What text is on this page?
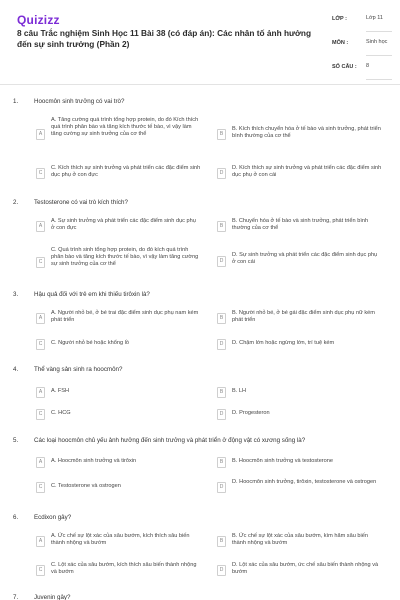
Quizizz
8 câu Trắc nghiệm Sinh Học 11 Bài 38 (có đáp án): Các nhân tố ảnh hưởng đến sự sinh trưởng (Phần 2)
LỚP :	Lớp 11
MÔN :	Sinh học
SỐ CÂU : 8
1.	Hoocmôn sinh trưởng có vai trò?
A
A. Tăng cường quá trình tổng hợp protein, do đó Kích thích quá trình phân bào và tăng kích thước tế bào, vì vậy làm tăng cường sự sinh trưởng của cơ thể	B
B. Kích thích chuyển hóa ở tế bào và sinh trưởng, phát triển bình thường của cơ thể
C
C. Kích thích sự sinh trưởng và phát triển các đặc điểm sinh dục phụ ở con đực	D
D. Kích thích sự sinh trưởng và phát triển các đặc điểm sinh dục phụ ở con cái
2.	Testosterone có vai trò kích thích?
A
A. Sự sinh trưởng và phát triển các đặc điểm sinh dục phụ ở con đực	B
B. Chuyển hóa ở tế bào và sinh trưởng, phát triển bình thường của cơ thể
C
C. Quá trình sinh tổng hợp protein, do đó kích quá trình phân bào và tăng kích thước tế bào, vì vậy làm tăng cường sự sinh trưởng của cơ thể	D
D. Sự sinh trưởng và phát triển các đặc điểm sinh dục phụ ở con cái
3.	Hậu quả đối với trẻ em khi thiếu tirôxin là?
A
A. Người nhỏ bé, ở bé trai đặc điểm sinh dục phụ nam kém phát triển	B
B. Người nhỏ bé, ở bé gái đặc điểm sinh dục phụ nữ kém phát triển
C	C. Người nhỏ bé hoặc khổng lồ	D	D. Chậm lớn hoặc ngừng lớn, trí tuệ kém
4.	Thể vàng sản sinh ra hoocmôn?
A	A. FSH	B	B. LH
C	C. HCG	D	D. Progesteron
5.	Các loại hoocmôn chủ yếu ảnh hưởng đến sinh trưởng và phát triển ở động vật có xương sống là?
A	A. Hoocmôn sinh trưởng và tirôxin	B	B. Hoocmôn sinh trưởng và testosterone
C	C. Testosterone và ostrogen	D
D. Hoocmôn sinh trưởng, tirôxin, testosterone và ostrogen
6.	Ecdixon gây?
A
A. Ức chế sự lột xác của sâu bướm, kích thích sâu biến thành nhộng và bướm	B
B. Ức chế sự lột xác của sâu bướm, kìm hãm sâu biến thành nhộng và bướm
C
C. Lột xác của sâu bướm, kích thích sâu biến thành nhộng và bướm	D
D. Lột xác của sâu bướm, ức chế sâu biến thành nhộng và bướm
7.	Juvenin gây?
